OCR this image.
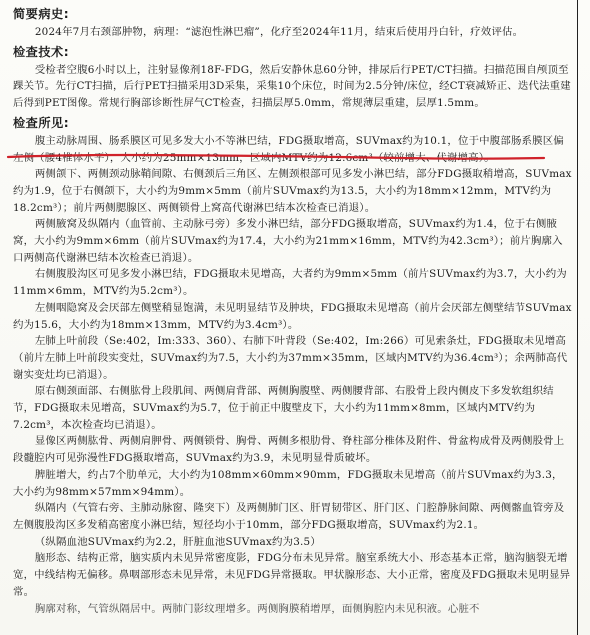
简要病史:

2024年7月右颈部肿物，病理：“滤泡性淋巴瘤”，化疗至2024年11月，结束后使用丹白针，疗效评估。

检查技术:

受检者空腹6小时以上，注射显像剂18F-FDG，然后安静休息60分钟，排尿后行PET/CT扫描。扫描范围自颅顶至踝关节。先行CT扫描，后行PET扫描采用3D采集，采集10个床位，时间为2.5分钟/床位，经CT衰减矫正、迭代法重建后得到PET图像。常规行胸部诊断性屏气CT检查，扫描层厚5.0mm，常规薄层重建，层厚1.5mm。

检查所见:

腹主动脉周围、肠系膜区可见多发大小不等淋巴结，FDG摄取增高，SUVmax约为10.1，位于中腹部肠系膜区偏左侧（腰4椎体水平），大小约为25mm×13mm，区域内MTV约为12.6cm³（较前增大、代谢增高）。

两侧颌下、两侧颈动脉鞘间隙、右侧颈后三角区、左侧颈根部可见多发小淋巴结，部分FDG摄取稍增高，SUVmax约为1.9，位于右侧颌下，大小约为9mm×5mm（前片SUVmax约为13.5，大小约为18mm×12mm，MTV约为18.2cm³）；前片两侧腮腺区、两侧锁骨上窝高代谢淋巴结本次检查已消退）。

两侧腋窝及纵隔内（血管前、主动脉弓旁）多发小淋巴结，部分FDG摄取增高，SUVmax约为1.4，位于右侧腋窝，大小约为9mm×6mm（前片SUVmax约为17.4，大小约为21mm×16mm，MTV约为42.3cm³）；前片胸廓入口两侧高代谢淋巴结本次检查已消退）。

右侧腹股沟区可见多发小淋巴结，FDG摄取未见增高，大者约为9mm×5mm（前片SUVmax约为3.7，大小约为11mm×6mm，MTV约为5.2cm³）。

左侧咽隐窝及会厌部左侧壁稍显饱满，未见明显结节及肿块，FDG摄取未见增高（前片会厌部左侧壁结节SUVmax约为15.6，大小约为18mm×13mm，MTV约为3.4cm³）。

左肺上叶前段（Se:402，Im:333、360）、右肺下叶背段（Se:402，Im:266）可见索条灶，FDG摄取未见增高（前片左肺上叶前段实变灶，SUVmax约为7.5，大小约为37mm×35mm，区域内MTV约为36.4cm³）；余两肺高代谢实变灶均已消退）。

原右侧颈面部、右侧肱骨上段肌间、两侧肩背部、两侧胸腹壁、两侧腰背部、右股骨上段内侧皮下多发软组织结节，FDG摄取未见增高，SUVmax约为5.7，位于前正中腹壁皮下，大小约为11mm×8mm，区域内MTV约为7.2cm³，本次检查均已消退）。

显像区两侧肱骨、两侧肩胛骨、两侧锁骨、胸骨、两侧多根肋骨、脊柱部分椎体及附件、骨盆构成骨及两侧股骨上段髓腔内可见弥漫性FDG摄取增高，SUVmax约为3.9，未见明显骨质破坏。

脾脏增大，约占7个肋单元，大小约为108mm×60mm×90mm，FDG摄取未见增高（前片SUVmax约为3.3，大小约为98mm×57mm×94mm）。

纵隔内（气管右旁、主肺动脉窗、隆突下）及两侧肺门区、肝胃韧带区、肝门区、门腔静脉间隙、两侧髂血管旁及左侧腹股沟区多发稍高密度小淋巴结，短径均小于10mm，部分FDG摄取增高，SUVmax约为2.1。

（纵隔血池SUVmax约为2.2，肝脏血池SUVmax约为3.5）

脑形态、结构正常，脑实质内未见异常密度影，FDG分布未见异常。脑室系统大小、形态基本正常，脑沟脑裂无增宽，中线结构无偏移。鼻咽部形态未见异常，未见FDG异常摄取。甲状腺形态、大小正常，密度及FDG摄取未见明显异常。

胸廓对称，气管纵隔居中。两肺门影纹理增多。两侧胸膜稍增厚，面侧胸腔内未见积液。心脏不
